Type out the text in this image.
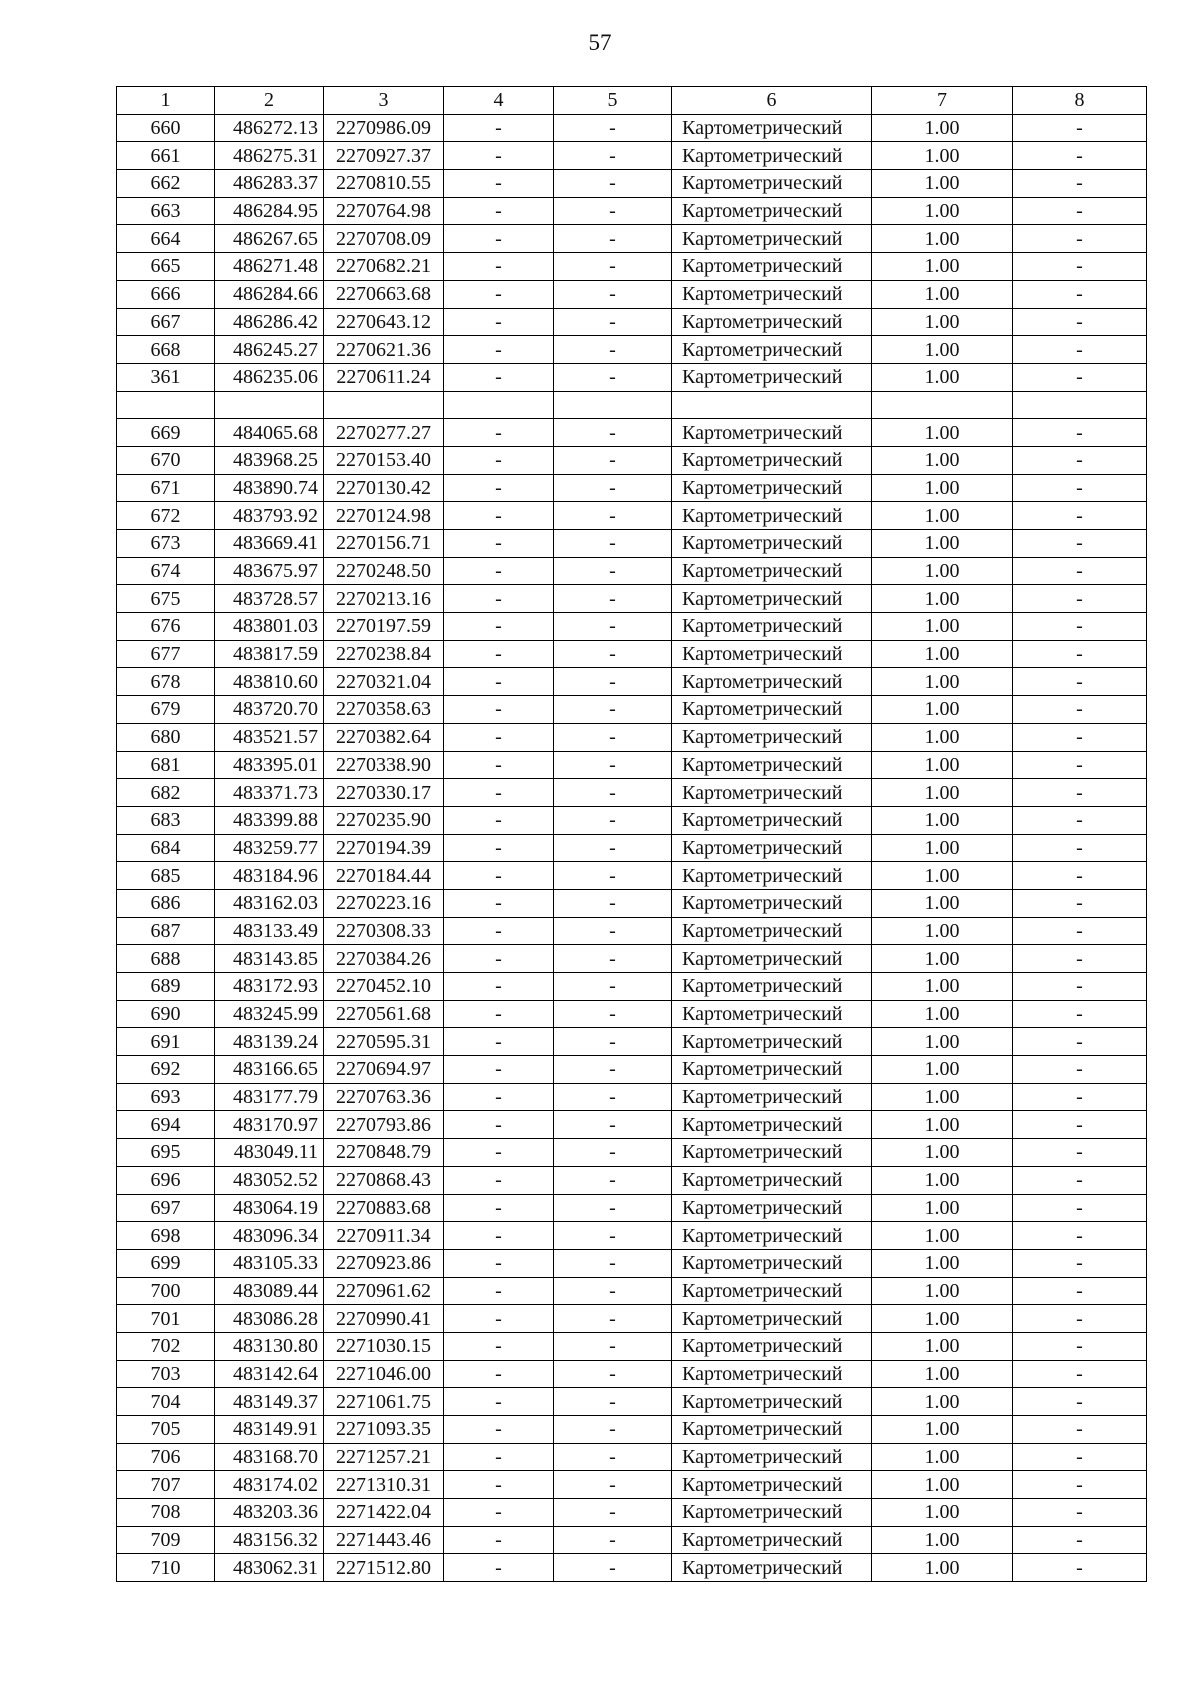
57
1	2	3	4	5	6	7	8
660	486272.13	2270986.09	-	-	Картометрический	1.00	-
661	486275.31	2270927.37	-	-	Картометрический	1.00	-
662	486283.37	2270810.55	-	-	Картометрический	1.00	-
663	486284.95	2270764.98	-	-	Картометрический	1.00	-
664	486267.65	2270708.09	-	-	Картометрический	1.00	-
665	486271.48	2270682.21	-	-	Картометрический	1.00	-
666	486284.66	2270663.68	-	-	Картометрический	1.00	-
667	486286.42	2270643.12	-	-	Картометрический	1.00	-
668	486245.27	2270621.36	-	-	Картометрический	1.00	-
361	486235.06	2270611.24	-	-	Картометрический	1.00	-

669	484065.68	2270277.27	-	-	Картометрический	1.00	-
670	483968.25	2270153.40	-	-	Картометрический	1.00	-
671	483890.74	2270130.42	-	-	Картометрический	1.00	-
672	483793.92	2270124.98	-	-	Картометрический	1.00	-
673	483669.41	2270156.71	-	-	Картометрический	1.00	-
674	483675.97	2270248.50	-	-	Картометрический	1.00	-
675	483728.57	2270213.16	-	-	Картометрический	1.00	-
676	483801.03	2270197.59	-	-	Картометрический	1.00	-
677	483817.59	2270238.84	-	-	Картометрический	1.00	-
678	483810.60	2270321.04	-	-	Картометрический	1.00	-
679	483720.70	2270358.63	-	-	Картометрический	1.00	-
680	483521.57	2270382.64	-	-	Картометрический	1.00	-
681	483395.01	2270338.90	-	-	Картометрический	1.00	-
682	483371.73	2270330.17	-	-	Картометрический	1.00	-
683	483399.88	2270235.90	-	-	Картометрический	1.00	-
684	483259.77	2270194.39	-	-	Картометрический	1.00	-
685	483184.96	2270184.44	-	-	Картометрический	1.00	-
686	483162.03	2270223.16	-	-	Картометрический	1.00	-
687	483133.49	2270308.33	-	-	Картометрический	1.00	-
688	483143.85	2270384.26	-	-	Картометрический	1.00	-
689	483172.93	2270452.10	-	-	Картометрический	1.00	-
690	483245.99	2270561.68	-	-	Картометрический	1.00	-
691	483139.24	2270595.31	-	-	Картометрический	1.00	-
692	483166.65	2270694.97	-	-	Картометрический	1.00	-
693	483177.79	2270763.36	-	-	Картометрический	1.00	-
694	483170.97	2270793.86	-	-	Картометрический	1.00	-
695	483049.11	2270848.79	-	-	Картометрический	1.00	-
696	483052.52	2270868.43	-	-	Картометрический	1.00	-
697	483064.19	2270883.68	-	-	Картометрический	1.00	-
698	483096.34	2270911.34	-	-	Картометрический	1.00	-
699	483105.33	2270923.86	-	-	Картометрический	1.00	-
700	483089.44	2270961.62	-	-	Картометрический	1.00	-
701	483086.28	2270990.41	-	-	Картометрический	1.00	-
702	483130.80	2271030.15	-	-	Картометрический	1.00	-
703	483142.64	2271046.00	-	-	Картометрический	1.00	-
704	483149.37	2271061.75	-	-	Картометрический	1.00	-
705	483149.91	2271093.35	-	-	Картометрический	1.00	-
706	483168.70	2271257.21	-	-	Картометрический	1.00	-
707	483174.02	2271310.31	-	-	Картометрический	1.00	-
708	483203.36	2271422.04	-	-	Картометрический	1.00	-
709	483156.32	2271443.46	-	-	Картометрический	1.00	-
710	483062.31	2271512.80	-	-	Картометрический	1.00	-
